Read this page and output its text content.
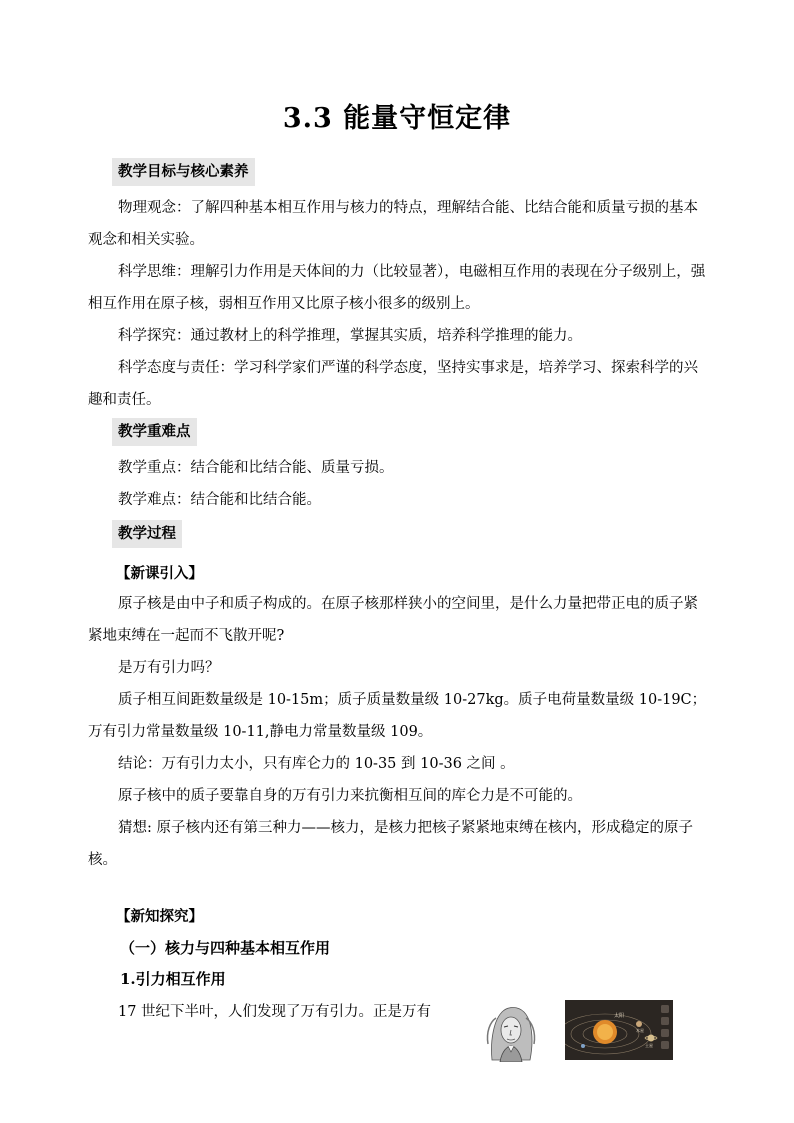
3.3 能量守恒定律
教学目标与核心素养
物理观念：了解四种基本相互作用与核力的特点，理解结合能、比结合能和质量亏损的基本观念和相关实验。
科学思维：理解引力作用是天体间的力（比较显著），电磁相互作用的表现在分子级别上，强相互作用在原子核，弱相互作用又比原子核小很多的级别上。
科学探究：通过教材上的科学推理，掌握其实质，培养科学推理的能力。
科学态度与责任：学习科学家们严谨的科学态度，坚持实事求是，培养学习、探索科学的兴趣和责任。
教学重难点
教学重点：结合能和比结合能、质量亏损。
教学难点：结合能和比结合能。
教学过程
【新课引入】
原子核是由中子和质子构成的。在原子核那样狭小的空间里，是什么力量把带正电的质子紧紧地束缚在一起而不飞散开呢?
是万有引力吗？
质子相互间距数量级是 10-15m；质子质量数量级 10-27kg。质子电荷量数量级 10-19C；万有引力常量数量级 10-11,静电力常量数量级 109。
结论：万有引力太小，只有库仑力的 10-35 到 10-36 之间 。
原子核中的质子要靠自身的万有引力来抗衡相互间的库仑力是不可能的。
猜想: 原子核内还有第三种力——核力，是核力把核子紧紧地束缚在核内，形成稳定的原子核。
【新知探究】
（一）核力与四种基本相互作用
1.引力相互作用
17 世纪下半叶，人们发现了万有引力。正是万有	太阳
木星
土星
